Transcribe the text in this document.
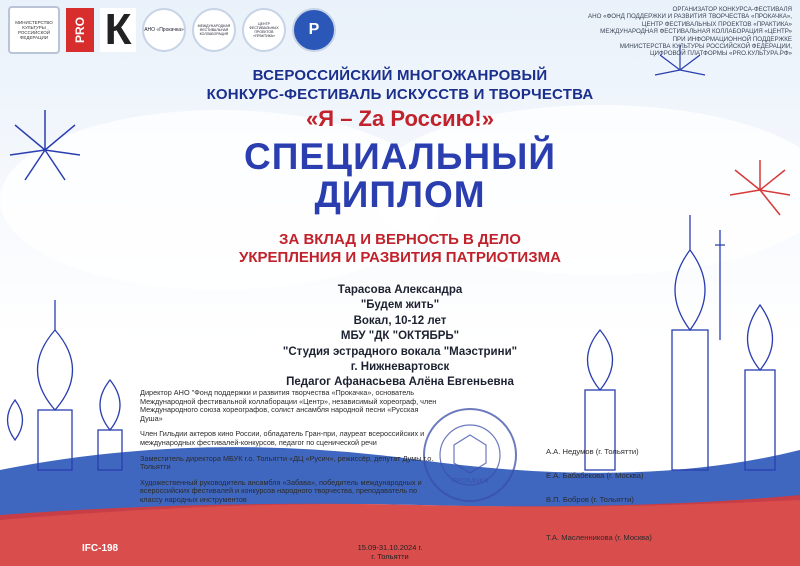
МИНИСТЕРСТВО КУЛЬТУРЫ РОССИЙСКОЙ ФЕДЕРАЦИИ	PRO К	АНО «Прокачка»
МЕЖДУНАРОДНАЯ ФЕСТИВАЛЬНАЯ КОЛЛАБОРАЦИЯ
ЦЕНТР ФЕСТИВАЛЬНЫХ ПРОЕКТОВ «ПРАКТИКА»	Р
ОРГАНИЗАТОР КОНКУРСА-ФЕСТИВАЛЯ
АНО «ФОНД ПОДДЕРЖКИ И РАЗВИТИЯ ТВОРЧЕСТВА «ПРОКАЧКА»,
ЦЕНТР ФЕСТИВАЛЬНЫХ ПРОЕКТОВ «ПРАКТИКА»
МЕЖДУНАРОДНАЯ ФЕСТИВАЛЬНАЯ КОЛЛАБОРАЦИЯ «ЦЕНТР»
ПРИ ИНФОРМАЦИОННОЙ ПОДДЕРЖКЕ
МИНИСТЕРСТВА КУЛЬТУРЫ РОССИЙСКОЙ ФЕДЕРАЦИИ,
ЦИФРОВОЙ ПЛАТФОРМЫ «PRO.КУЛЬТУРА.РФ»
ВСЕРОССИЙСКИЙ МНОГОЖАНРОВЫЙ
КОНКУРС-ФЕСТИВАЛЬ ИСКУССТВ И ТВОРЧЕСТВА
«Я – Zа Россию!»
СПЕЦИАЛЬНЫЙ
ДИПЛОМ
ЗА ВКЛАД И ВЕРНОСТЬ В ДЕЛО
УКРЕПЛЕНИЯ И РАЗВИТИЯ ПАТРИОТИЗМА
Тарасова Александра
"Будем жить"
Вокал, 10-12 лет
МБУ "ДК "ОКТЯБРЬ"
"Студия эстрадного вокала "Маэстрини"
г. Нижневартовск
Педагог Афанасьева Алёна Евгеньевна
ПРОКАЧКА

Директор АНО "Фонд поддержки и развития творчества «Прокачка», основатель Международной фестивальной коллаборации «Центр», независимый хореограф, член Международного союза хореографов, солист ансамбля народной песни «Русская Душа»

Член Гильдии актеров кино России, обладатель Гран-при, лауреат всероссийских и международных фестивалей-конкурсов, педагог по сценической речи

Заместитель директора МБУК г.о. Тольятти «ДЦ «Русич», режиссёр, депутат Думы г.о. Тольятти

Художественный руководитель ансамбля «Забава», победитель международных и всероссийских фестивалей и конкурсов народного творчества, преподаватель по классу народных инструментов

А.А. Недумов (г. Тольятти)
Е.А. Бабабекова (г. Москва)
В.П. Бобров (г. Тольятти)
Т.А. Масленникова (г. Москва)
IFC-198	15.09-31.10.2024 г.
г. Тольятти
